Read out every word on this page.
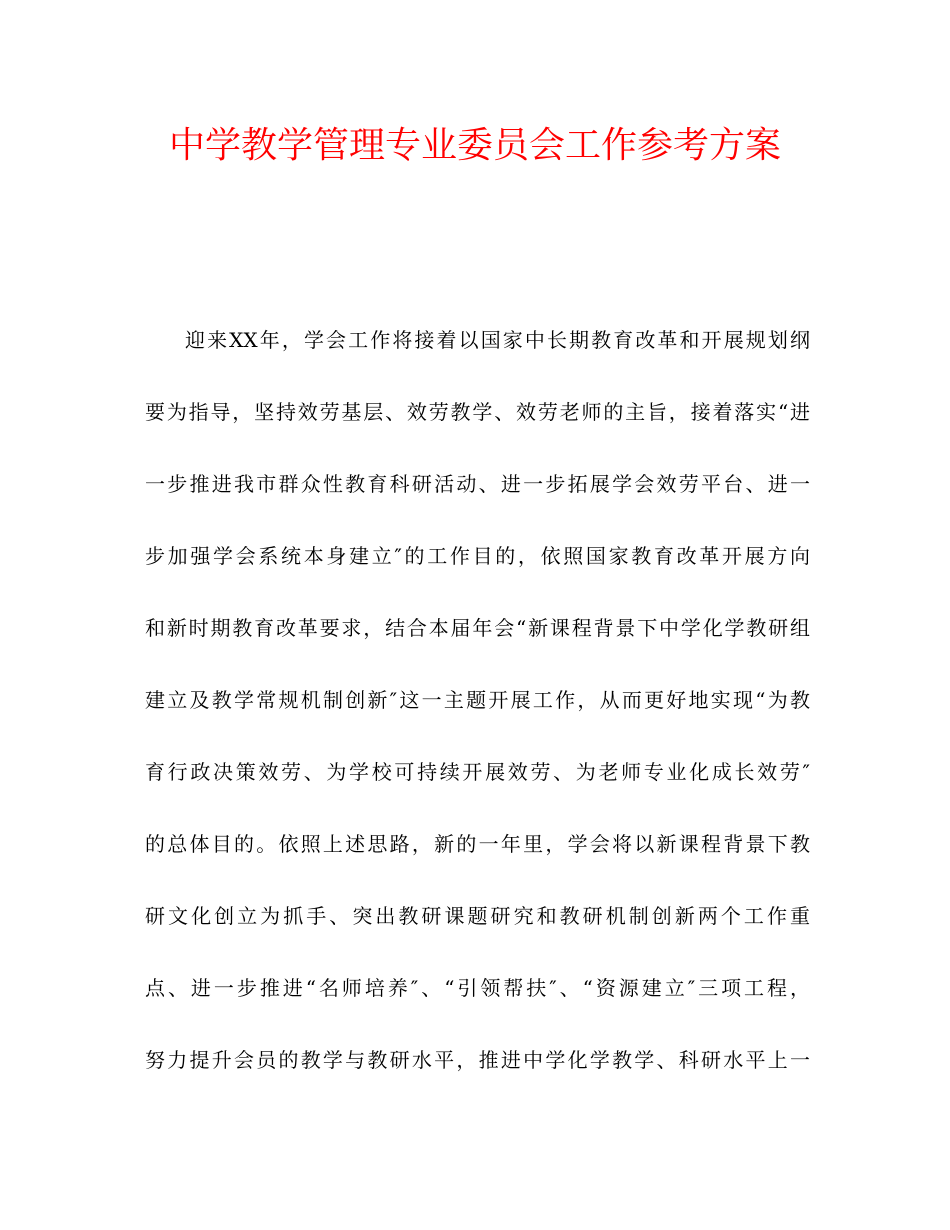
中学教学管理专业委员会工作参考方案
迎来XX年，学会工作将接着以国家中长期教育改革和开展规划纲
要为指导，坚持效劳基层、效劳教学、效劳老师的主旨，接着落实“进
一步推进我市群众性教育科研活动、进一步拓展学会效劳平台、进一
步加强学会系统本身建立″的工作目的，依照国家教育改革开展方向
和新时期教育改革要求，结合本届年会“新课程背景下中学化学教研组
建立及教学常规机制创新″这一主题开展工作，从而更好地实现“为教
育行政决策效劳、为学校可持续开展效劳、为老师专业化成长效劳″
的总体目的。依照上述思路，新的一年里，学会将以新课程背景下教
研文化创立为抓手、突出教研课题研究和教研机制创新两个工作重
点、进一步推进“名师培养″、“引领帮扶″、“资源建立″三项工程，
努力提升会员的教学与教研水平，推进中学化学教学、科研水平上一
